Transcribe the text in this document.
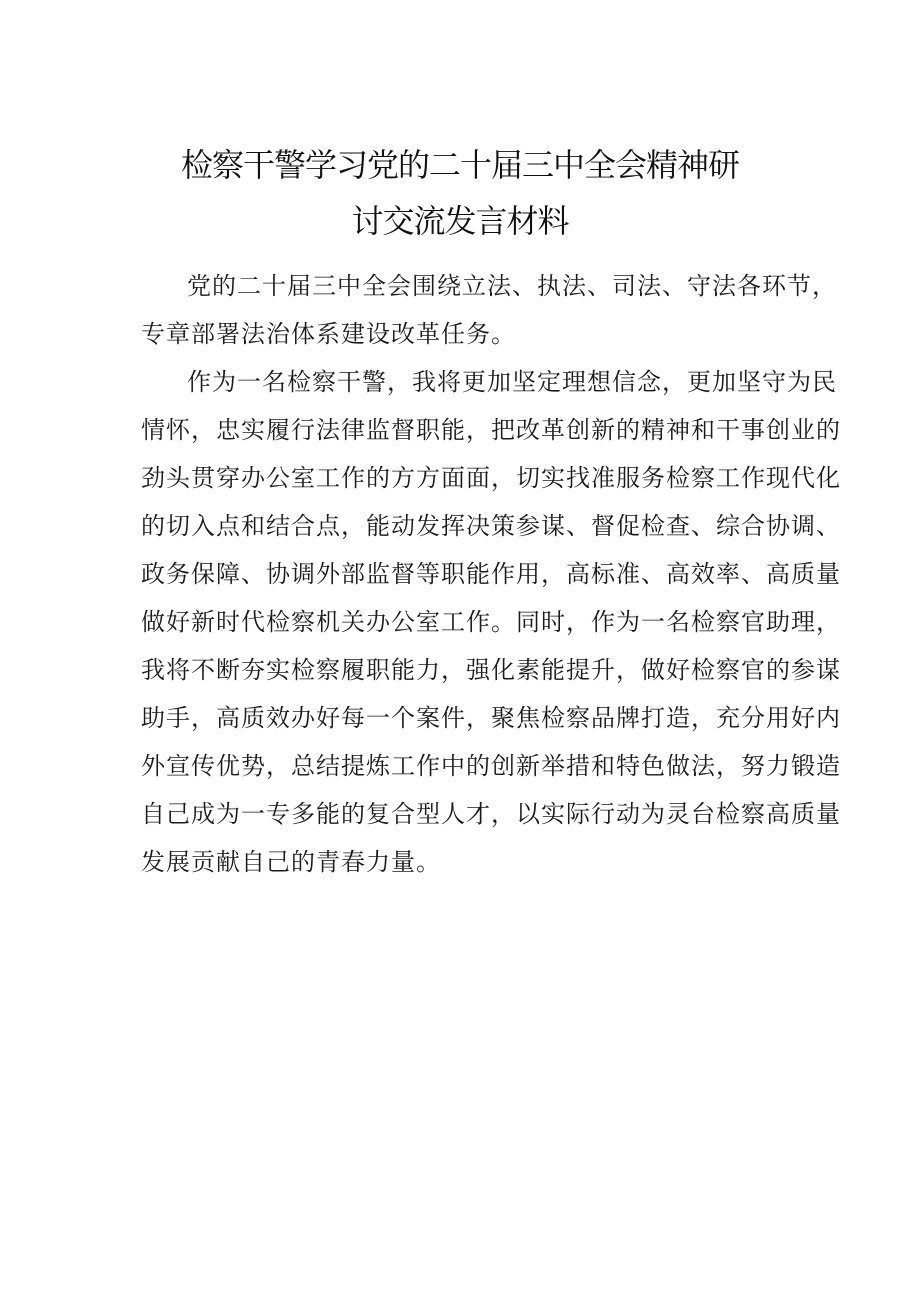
检察干警学习党的二十届三中全会精神研
讨交流发言材料
党的二十届三中全会围绕立法、执法、司法、守法各环节，
专章部署法治体系建设改革任务。
作为一名检察干警，我将更加坚定理想信念，更加坚守为民
情怀，忠实履行法律监督职能，把改革创新的精神和干事创业的
劲头贯穿办公室工作的方方面面，切实找准服务检察工作现代化
的切入点和结合点，能动发挥决策参谋、督促检查、综合协调、
政务保障、协调外部监督等职能作用，高标准、高效率、高质量
做好新时代检察机关办公室工作。同时，作为一名检察官助理，
我将不断夯实检察履职能力，强化素能提升，做好检察官的参谋
助手，高质效办好每一个案件，聚焦检察品牌打造，充分用好内
外宣传优势，总结提炼工作中的创新举措和特色做法，努力锻造
自己成为一专多能的复合型人才，以实际行动为灵台检察高质量
发展贡献自己的青春力量。
